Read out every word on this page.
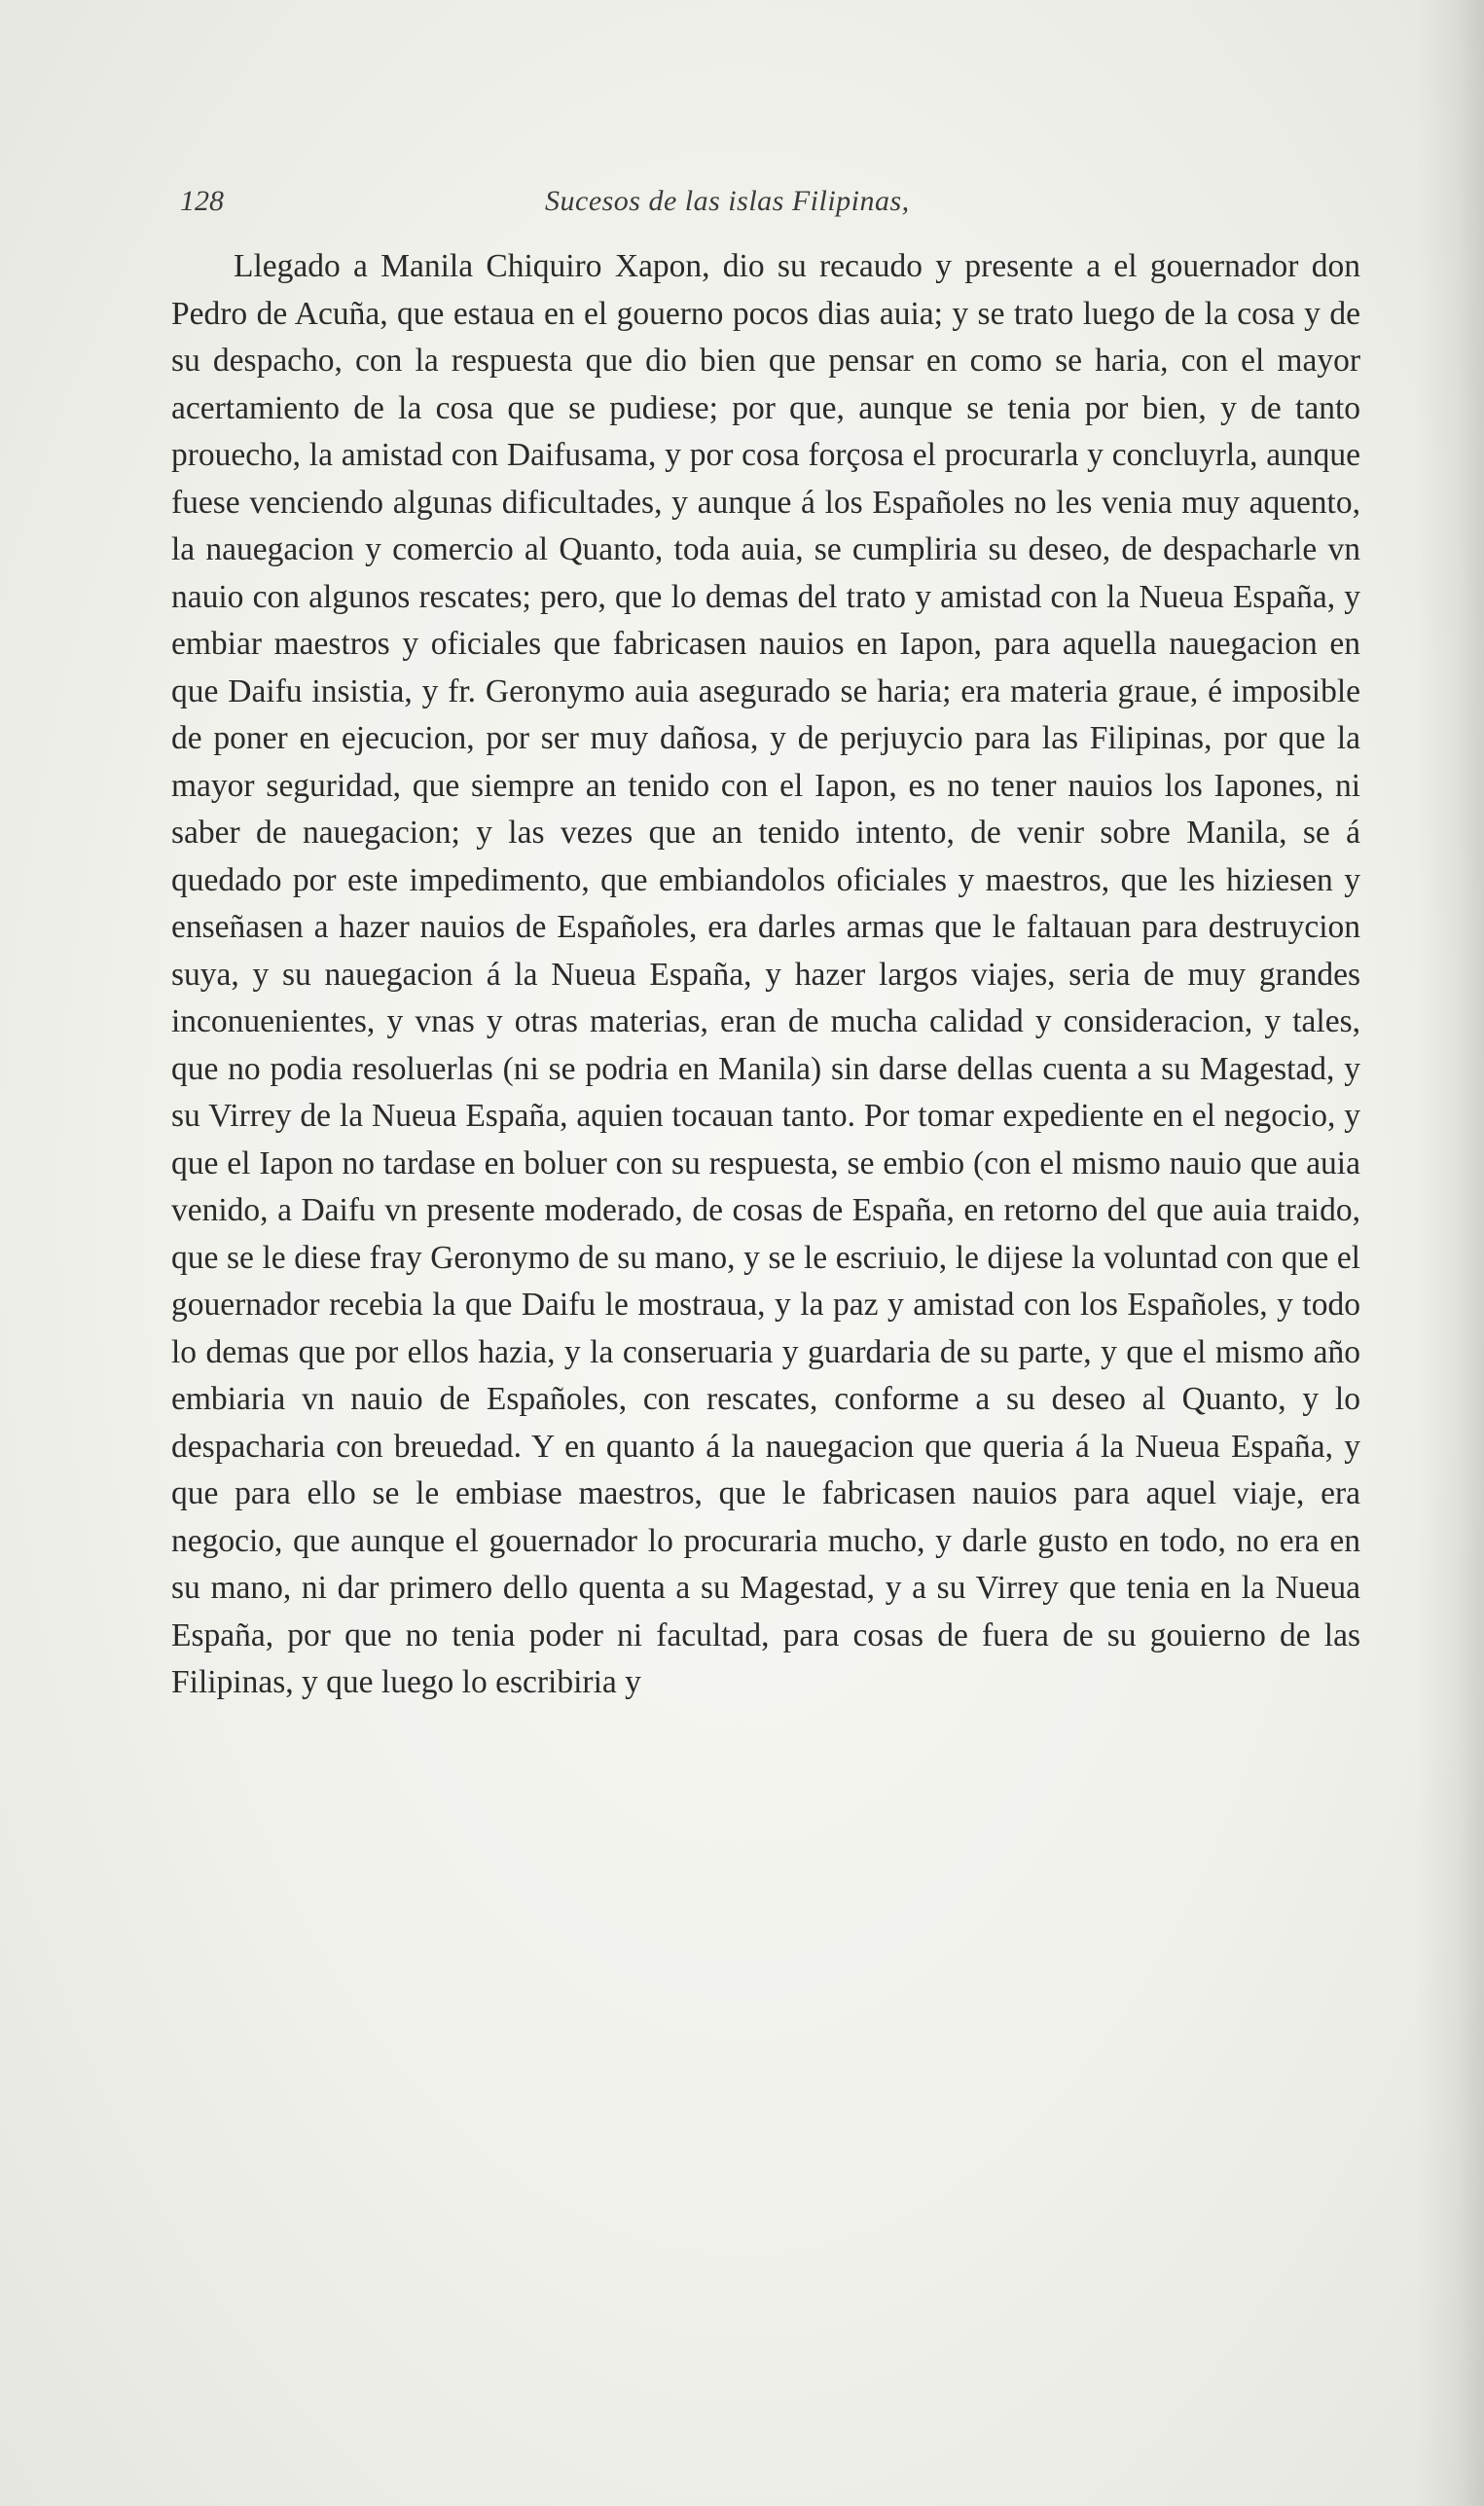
128	Sucesos de las islas Filipinas,

Llegado a Manila Chiquiro Xapon, dio su recaudo y presente a el gouernador don Pedro de Acuña, que estaua en el gouerno pocos dias auia; y se trato luego de la cosa y de su despacho, con la respuesta que dio bien que pensar en como se haria, con el mayor acertamiento de la cosa que se pudiese; por que, aunque se tenia por bien, y de tanto prouecho, la amistad con Daifusama, y por cosa forçosa el procurarla y concluyrla, aunque fuese venciendo algunas dificultades, y aunque á los Españoles no les venia muy aquento, la nauegacion y comercio al Quanto, toda auia, se cumpliria su deseo, de despacharle vn nauio con algunos rescates; pero, que lo demas del trato y amistad con la Nueua España, y embiar maestros y oficiales que fabricasen nauios en Iapon, para aquella nauegacion en que Daifu insistia, y fr. Geronymo auia asegurado se haria; era materia graue, é imposible de poner en ejecucion, por ser muy dañosa, y de perjuycio para las Filipinas, por que la mayor seguridad, que siempre an tenido con el Iapon, es no tener nauios los Iapones, ni saber de nauegacion; y las vezes que an tenido intento, de venir sobre Manila, se á quedado por este impedimento, que embiandolos oficiales y maestros, que les hiziesen y enseñasen a hazer nauios de Españoles, era darles armas que le faltauan para destruycion suya, y su nauegacion á la Nueua España, y hazer largos viajes, seria de muy grandes inconuenientes, y vnas y otras materias, eran de mucha calidad y consideracion, y tales, que no podia resoluerlas (ni se podria en Manila) sin darse dellas cuenta a su Magestad, y su Virrey de la Nueua España, aquien tocauan tanto. Por tomar expediente en el negocio, y que el Iapon no tardase en boluer con su respuesta, se embio (con el mismo nauio que auia venido, a Daifu vn presente moderado, de cosas de España, en retorno del que auia traido, que se le diese fray Geronymo de su mano, y se le escriuio, le dijese la voluntad con que el gouernador recebia la que Daifu le mostraua, y la paz y amistad con los Españoles, y todo lo demas que por ellos hazia, y la conseruaria y guardaria de su parte, y que el mismo año embiaria vn nauio de Españoles, con rescates, conforme a su deseo al Quanto, y lo despacharia con breuedad. Y en quanto á la nauegacion que queria á la Nueua España, y que para ello se le embiase maestros, que le fabricasen nauios para aquel viaje, era negocio, que aunque el gouernador lo procuraria mucho, y darle gusto en todo, no era en su mano, ni dar primero dello quenta a su Magestad, y a su Virrey que tenia en la Nueua España, por que no tenia poder ni facultad, para cosas de fuera de su gouierno de las Filipinas, y que luego lo escribiria y
